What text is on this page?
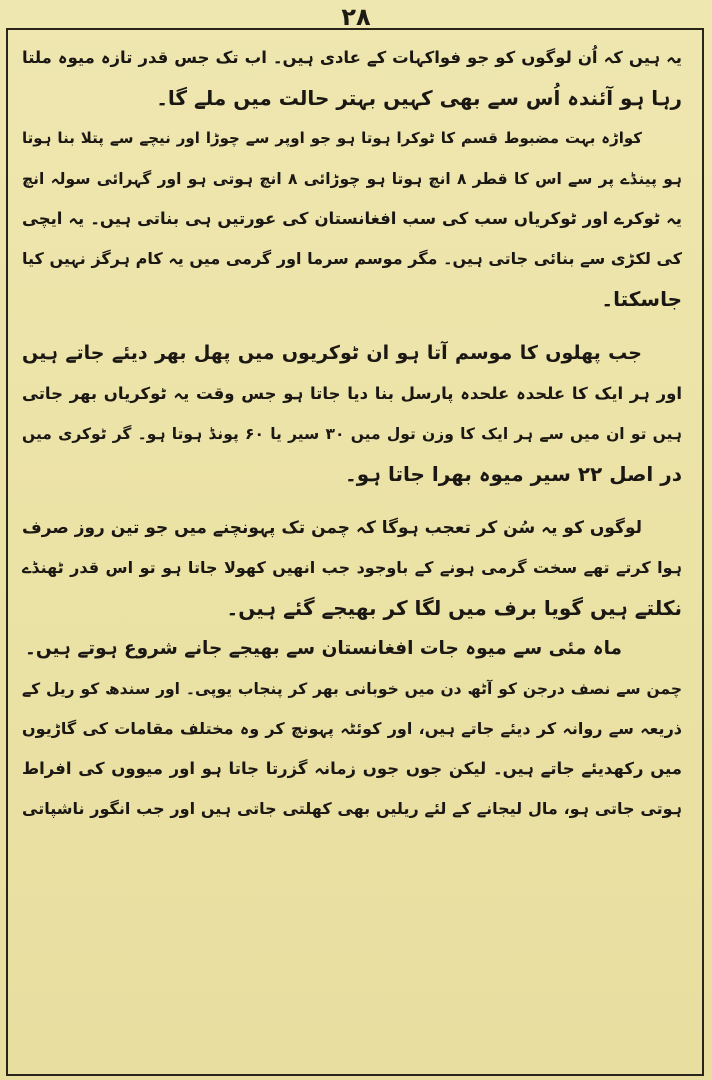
۲۸

یہ ہیں کہ اُن لوگوں کو جو فواکہات کے عادی ہیں۔ اب تک جس قدر تازہ میوہ ملتا
رہا ہو آئندہ اُس سے بھی کہیں بہتر حالت میں ملے گا۔
کواڑہ بہت مضبوط قسم کا ٹوکرا ہوتا ہو جو اوپر سے چوڑا اور نیچے سے پتلا بنا ہوتا
ہو پینڈے پر سے اس کا قطر ۸ انچ ہوتا ہو چوڑائی ۸ انچ ہوتی ہو اور گہرائی سولہ انچ
یہ ٹوکرے اور ٹوکریاں سب کی سب افغانستان کی عورتیں ہی بناتی ہیں۔ یہ ایچی
کی لکڑی سے بنائی جاتی ہیں۔ مگر موسم سرما اور گرمی میں یہ کام ہرگز نہیں کیا
جاسکتا۔
جب پھلوں کا موسم آتا ہو ان ٹوکریوں میں پھل بھر دیئے جاتے ہیں
اور ہر ایک کا علحدہ علحدہ پارسل بنا دیا جاتا ہو جس وقت یہ ٹوکریاں بھر جاتی
ہیں تو ان میں سے ہر ایک کا وزن تول میں ۳۰ سیر یا ۶۰ پونڈ ہوتا ہو۔ گر ٹوکری میں
در اصل ۲۲ سیر میوہ بھرا جاتا ہو۔
لوگوں کو یہ سُن کر تعجب ہوگا کہ چمن تک پہونچنے میں جو تین روز صرف
ہوا کرتے تھے سخت گرمی ہونے کے باوجود جب انھیں کھولا جاتا ہو تو اس قدر ٹھنڈے
نکلتے ہیں گویا برف میں لگا کر بھیجے گئے ہیں۔
ماہ مئی سے میوہ جات افغانستان سے بھیجے جانے شروع ہوتے ہیں۔
چمن سے نصف درجن کو آٹھ دن میں خوبانی بھر کر پنجاب یوپی۔ اور سندھ کو ریل کے
ذریعہ سے روانہ کر دیئے جاتے ہیں، اور کوئٹہ پہونچ کر وہ مختلف مقامات کی گاڑیوں
میں رکھدیئے جاتے ہیں۔ لیکن جوں جوں زمانہ گزرتا جاتا ہو اور میووں کی افراط
ہوتی جاتی ہو، مال لیجانے کے لئے ریلیں بھی کھلتی جاتی ہیں اور جب انگور ناشپاتی
